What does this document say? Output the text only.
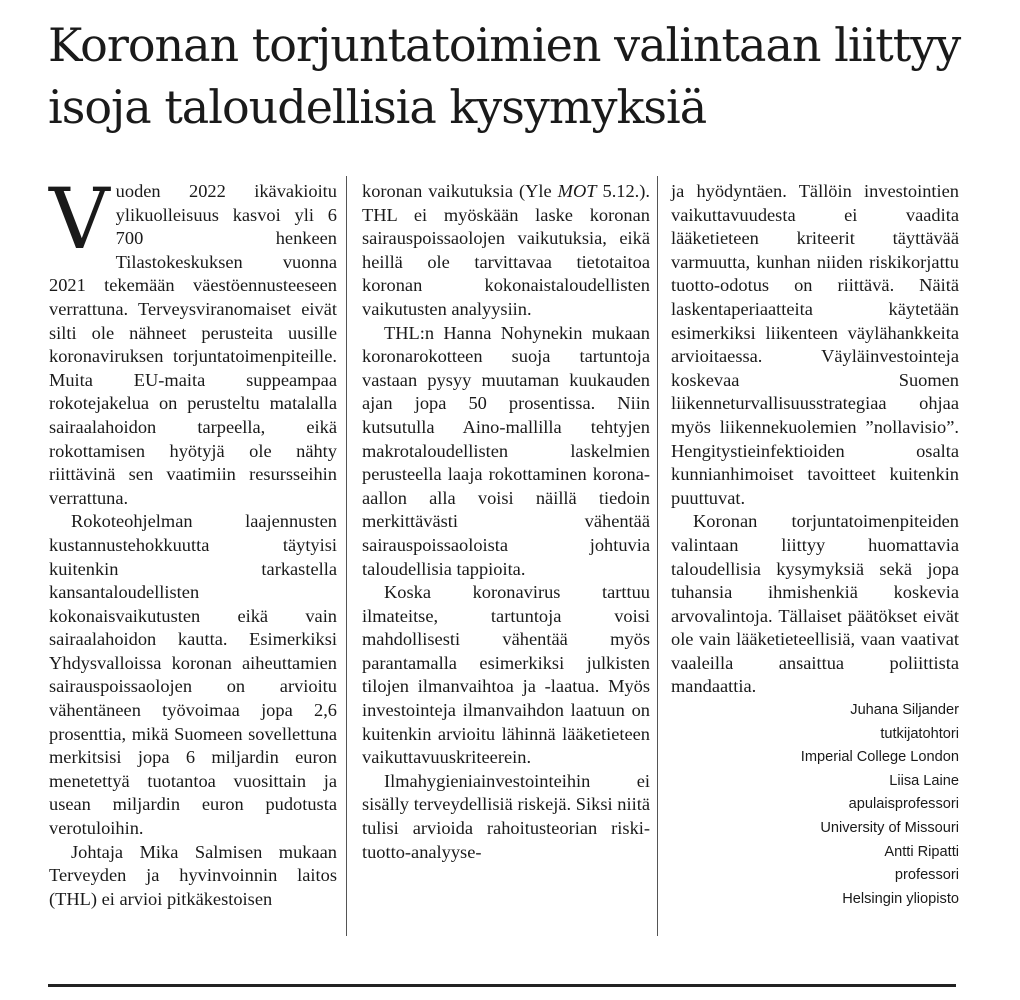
Koronan torjuntatoimien valintaan liittyy isoja taloudellisia kysymyksiä

Vuoden 2022 ikävakioitu ylikuolleisuus kasvoi yli 6 700 henkeen Tilastokeskuksen vuonna 2021 tekemään väestöennusteeseen verrattuna. Terveysviranomaiset eivät silti ole nähneet perusteita uusille koronaviruksen torjuntatoimenpiteille. Muita EU-maita suppeampaa rokotejakelua on perusteltu matalalla sairaalahoidon tarpeella, eikä rokottamisen hyötyjä ole nähty riittävinä sen vaatimiin resursseihin verrattuna.

Rokoteohjelman laajennusten kustannustehokkuutta täytyisi kuitenkin tarkastella kansantaloudellisten kokonaisvaikutusten eikä vain sairaalahoidon kautta. Esimerkiksi Yhdysvalloissa koronan aiheuttamien sairauspoissaolojen on arvioitu vähentäneen työvoimaa jopa 2,6 prosenttia, mikä Suomeen sovellettuna merkitsisi jopa 6 miljardin euron menetettyä tuotantoa vuosittain ja usean miljardin euron pudotusta verotuloihin.

Johtaja Mika Salmisen mukaan Terveyden ja hyvinvoinnin laitos (THL) ei arvioi pitkäkestoisen

koronan vaikutuksia (Yle MOT 5.12.). THL ei myöskään laske koronan sairauspoissaolojen vaikutuksia, eikä heillä ole tarvittavaa tietotaitoa koronan kokonaistaloudellisten vaikutusten analyysiin.

THL:n Hanna Nohynekin mukaan koronarokotteen suoja tartuntoja vastaan pysyy muutaman kuukauden ajan jopa 50 prosentissa. Niin kutsutulla Aino-mallilla tehtyjen makrotaloudellisten laskelmien perusteella laaja rokottaminen korona-aallon alla voisi näillä tiedoin merkittävästi vähentää sairauspoissaoloista johtuvia taloudellisia tappioita.

Koska koronavirus tarttuu ilmateitse, tartuntoja voisi mahdollisesti vähentää myös parantamalla esimerkiksi julkisten tilojen ilmanvaihtoa ja -laatua. Myös investointeja ilmanvaihdon laatuun on kuitenkin arvioitu lähinnä lääketieteen vaikuttavuuskriteerein.

Ilmahygieniainvestointeihin ei sisälly terveydellisiä riskejä. Siksi niitä tulisi arvioida rahoitusteorian riski-tuotto-analyyse-

ja hyödyntäen. Tällöin investointien vaikuttavuudesta ei vaadita lääketieteen kriteerit täyttävää varmuutta, kunhan niiden riskikorjattu tuotto-odotus on riittävä. Näitä laskentaperiaatteita käytetään esimerkiksi liikenteen väylähankkeita arvioitaessa. Väyläinvestointeja koskevaa Suomen liikenneturvallisuusstrategiaa ohjaa myös liikennekuolemien ”nollavisio”. Hengitystieinfektioiden osalta kunnianhimoiset tavoitteet kuitenkin puuttuvat.

Koronan torjuntatoimenpiteiden valintaan liittyy huomattavia taloudellisia kysymyksiä sekä jopa tuhansia ihmishenkiä koskevia arvovalintoja. Tällaiset päätökset eivät ole vain lääketieteellisiä, vaan vaativat vaaleilla ansaittua poliittista mandaattia.

Juhana Siljander

tutkijatohtori

Imperial College London

Liisa Laine

apulaisprofessori

University of Missouri

Antti Ripatti

professori

Helsingin yliopisto
